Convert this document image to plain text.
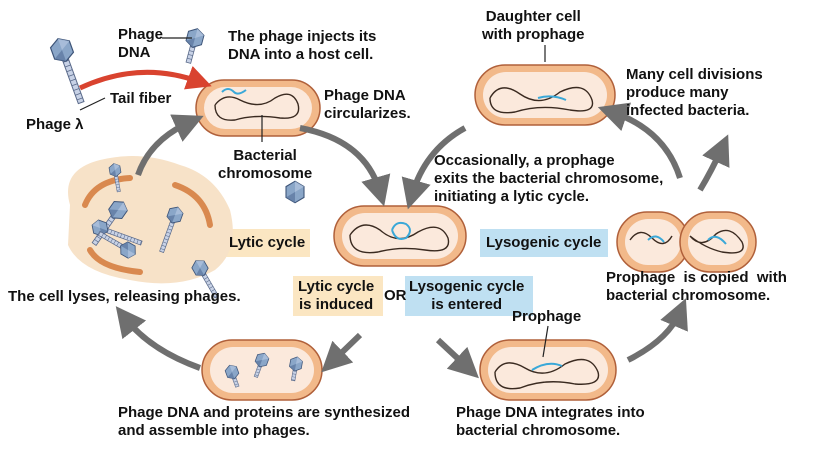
Phage
DNA
The phage injects its
DNA into a host cell.
Tail fiber
Phage λ
Phage DNA
circularizes.
Bacterial
chromosome
Daughter cell
with prophage
Many cell divisions
produce many
infected bacteria.
Occasionally, a prophage
exits the bacterial chromosome,
initiating a lytic cycle.
Lytic cycle	Lysogenic cycle
Prophage  is copied  with
bacterial chromosome.
The cell lyses, releasing phages.
Lytic cycle
is induced
OR
Lysogenic cycle
is entered
Prophage
Phage DNA and proteins are synthesized
and assemble into phages.
Phage DNA integrates into
bacterial chromosome.
